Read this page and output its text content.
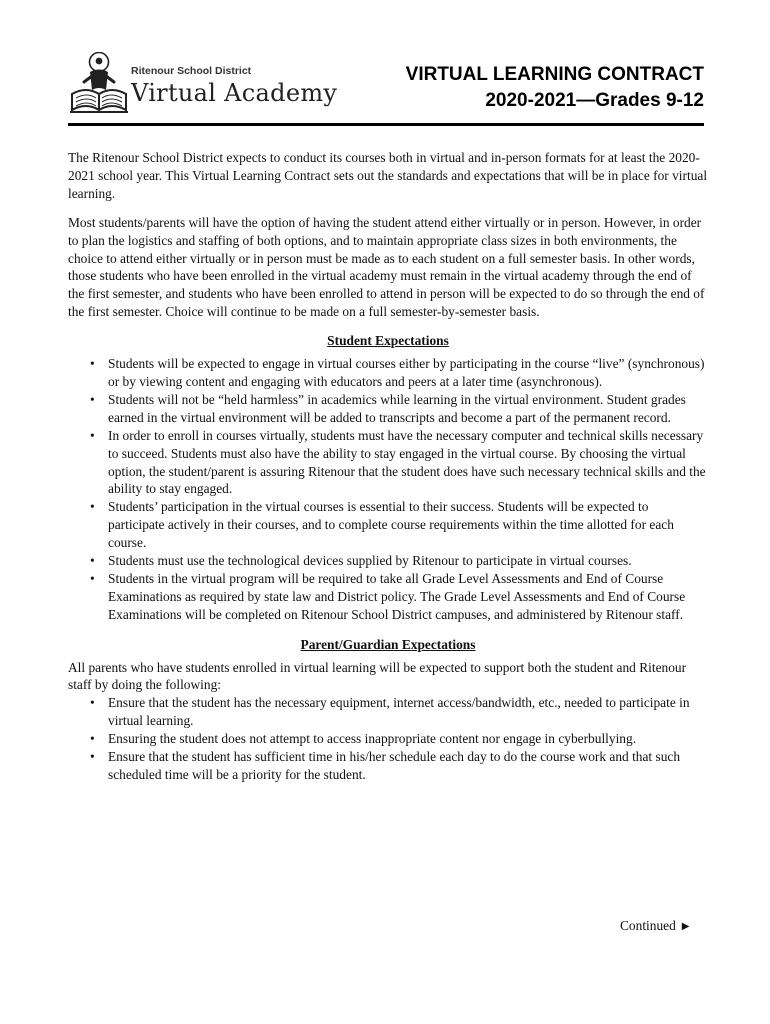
Ritenour School District
Virtual Academy
VIRTUAL LEARNING CONTRACT
2020-2021—Grades 9-12

The Ritenour School District expects to conduct its courses both in virtual and in-person formats for at least the 2020-2021 school year. This Virtual Learning Contract sets out the standards and expectations that will be in place for virtual learning.

Most students/parents will have the option of having the student attend either virtually or in person. However, in order to plan the logistics and staffing of both options, and to maintain appropriate class sizes in both environments, the choice to attend either virtually or in person must be made as to each student on a full semester basis. In other words, those students who have been enrolled in the virtual academy must remain in the virtual academy through the end of the first semester, and students who have been enrolled to attend in person will be expected to do so through the end of the first semester. Choice will continue to be made on a full semester-by-semester basis.

Student Expectations
• Students will be expected to engage in virtual courses either by participating in the course “live” (synchronous) or by viewing content and engaging with educators and peers at a later time (asynchronous).
• Students will not be “held harmless” in academics while learning in the virtual environment. Student grades earned in the virtual environment will be added to transcripts and become a part of the permanent record.
• In order to enroll in courses virtually, students must have the necessary computer and technical skills necessary to succeed. Students must also have the ability to stay engaged in the virtual course. By choosing the virtual option, the student/parent is assuring Ritenour that the student does have such necessary technical skills and the ability to stay engaged.
• Students’ participation in the virtual courses is essential to their success. Students will be expected to participate actively in their courses, and to complete course requirements within the time allotted for each course.
• Students must use the technological devices supplied by Ritenour to participate in virtual courses.
• Students in the virtual program will be required to take all Grade Level Assessments and End of Course Examinations as required by state law and District policy. The Grade Level Assessments and End of Course Examinations will be completed on Ritenour School District campuses, and administered by Ritenour staff.
Parent/Guardian Expectations

All parents who have students enrolled in virtual learning will be expected to support both the student and Ritenour staff by doing the following:

• Ensure that the student has the necessary equipment, internet access/bandwidth, etc., needed to participate in virtual learning.
• Ensuring the student does not attempt to access inappropriate content nor engage in cyberbullying.
• Ensure that the student has sufficient time in his/her schedule each day to do the course work and that such scheduled time will be a priority for the student.
Continued ▶
